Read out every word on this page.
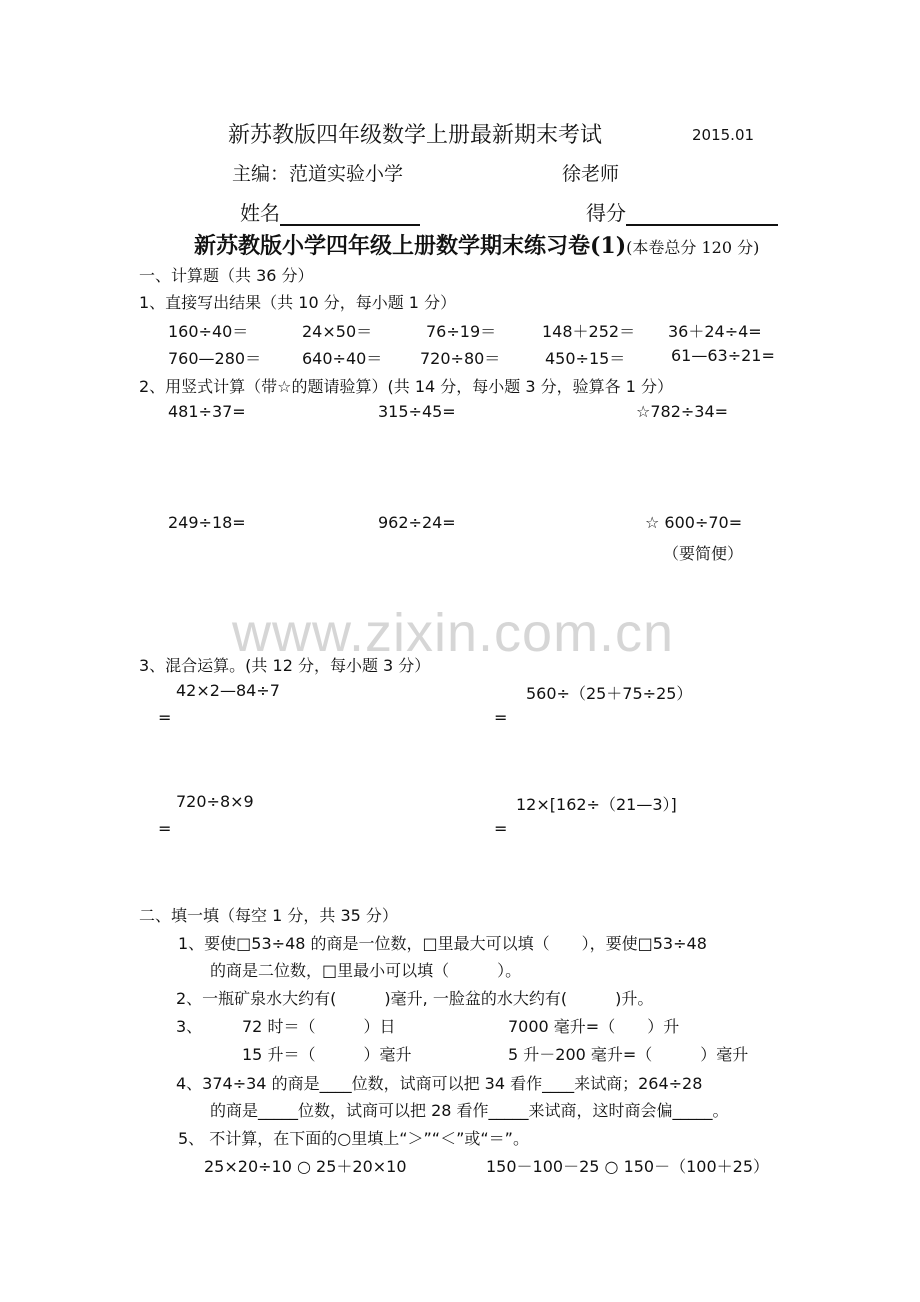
新苏教版四年级数学上册最新期末考试	2015.01
主编：范道实验小学	徐老师
姓名	得分
新苏教版小学四年级上册数学期末练习卷(1)(本卷总分 120 分)
一、计算题（共 36 分）
1、直接写出结果（共 10 分，每小题 1 分）
160÷40＝	24×50＝	76÷19＝	148＋252＝ 36＋24÷4=
760—280＝	640÷40＝ 720÷80＝	450÷15＝	61—63÷21=
2、用竖式计算（带☆的题请验算）(共 14 分，每小题 3 分，验算各 1 分）
481÷37=	315÷45=	☆782÷34=
249÷18=	962÷24=	☆ 600÷70=
（要简便）
www.zixin.com.cn
3、混合运算。(共 12 分，每小题 3 分）
42×2—84÷7	560÷（25＋75÷25）
=	=
720÷8×9	12×[162÷（21—3）]
=	=
二、填一填（每空 1 分，共 35 分）
1、要使□53÷48 的商是一位数，□里最大可以填（　　），要使□53÷48
的商是二位数，□里最小可以填（　　　）。
2、一瓶矿泉水大约有(　　　)毫升, 一脸盆的水大约有(　　　)升。
3、 72 时＝（　　　）日	7000 毫升=（　　）升
15 升＝（　　　）毫升	5 升－200 毫升=（　　　）毫升
4、374÷34 的商是____位数，试商可以把 34 看作____来试商；264÷28
的商是_____位数，试商可以把 28 看作_____来试商，这时商会偏_____。
5、 不计算，在下面的○里填上“＞”“＜”或“＝”。
25×20÷10 ○ 25＋20×10	150－100－25 ○ 150－（100＋25）
